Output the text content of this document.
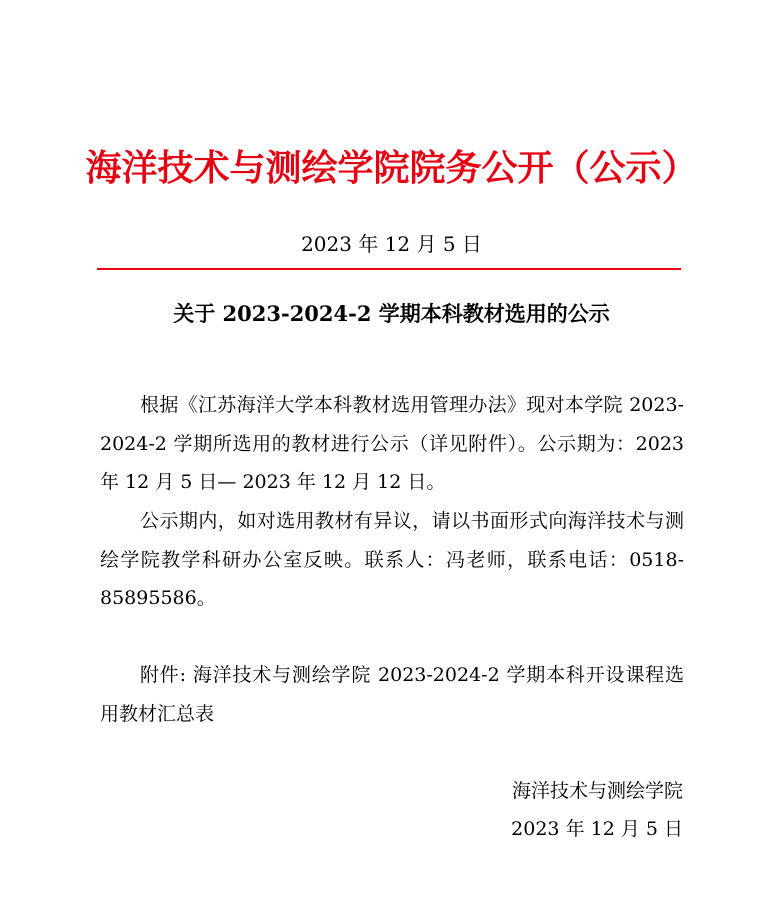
海洋技术与测绘学院院务公开（公示）
2023 年 12 月 5 日
关于 2023-2024-2 学期本科教材选用的公示

根据《江苏海洋大学本科教材选用管理办法》现对本学院 2023-2024-2 学期所选用的教材进行公示（详见附件）。公示期为：2023 年 12 月 5 日— 2023 年 12 月 12 日。

公示期内，如对选用教材有异议，请以书面形式向海洋技术与测绘学院教学科研办公室反映。联系人：冯老师，联系电话：0518-85895586。

附件: 海洋技术与测绘学院 2023-2024-2 学期本科开设课程选用教材汇总表

海洋技术与测绘学院
2023 年 12 月 5 日
